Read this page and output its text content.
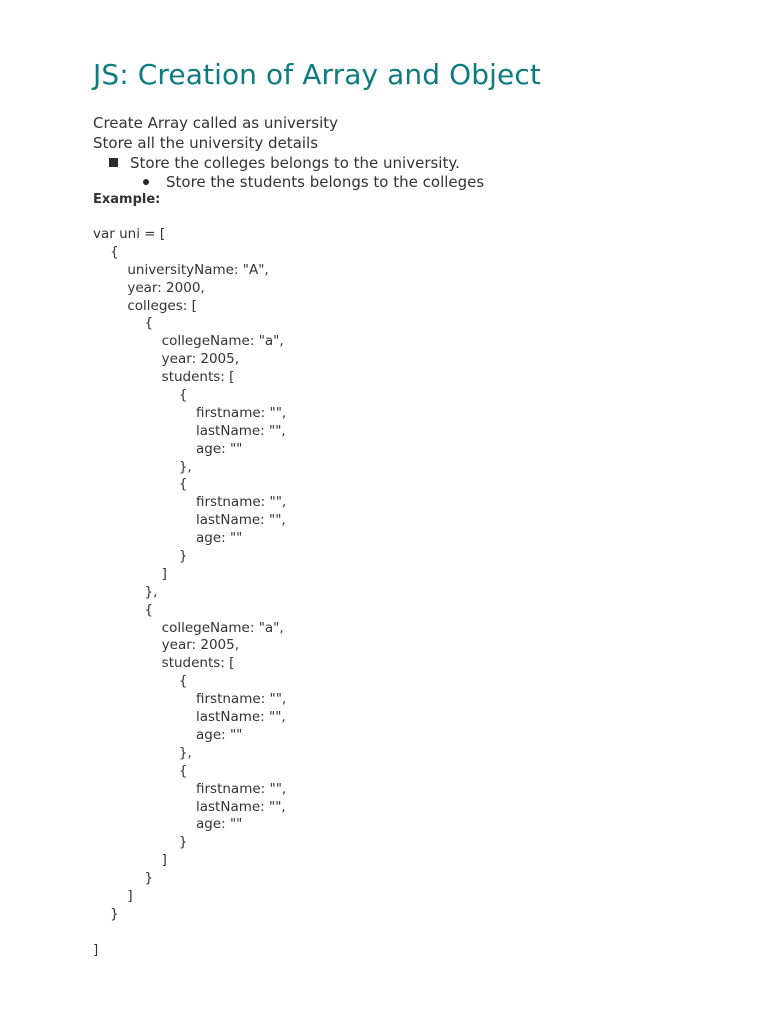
JS: Creation of Array and Object

Create Array called as university

Store all the university details

Store the colleges belongs to the university.
Store the students belongs to the colleges
Example:
var uni = [
{
universityName: "A",
year: 2000,
colleges: [
{
collegeName: "a",
year: 2005,
students: [
{
firstname: "",
lastName: "",
age: ""
},
{
firstname: "",
lastName: "",
age: ""
}
]
},
{
collegeName: "a",
year: 2005,
students: [
{
firstname: "",
lastName: "",
age: ""
},
{
firstname: "",
lastName: "",
age: ""
}
]
}
]
}
]
